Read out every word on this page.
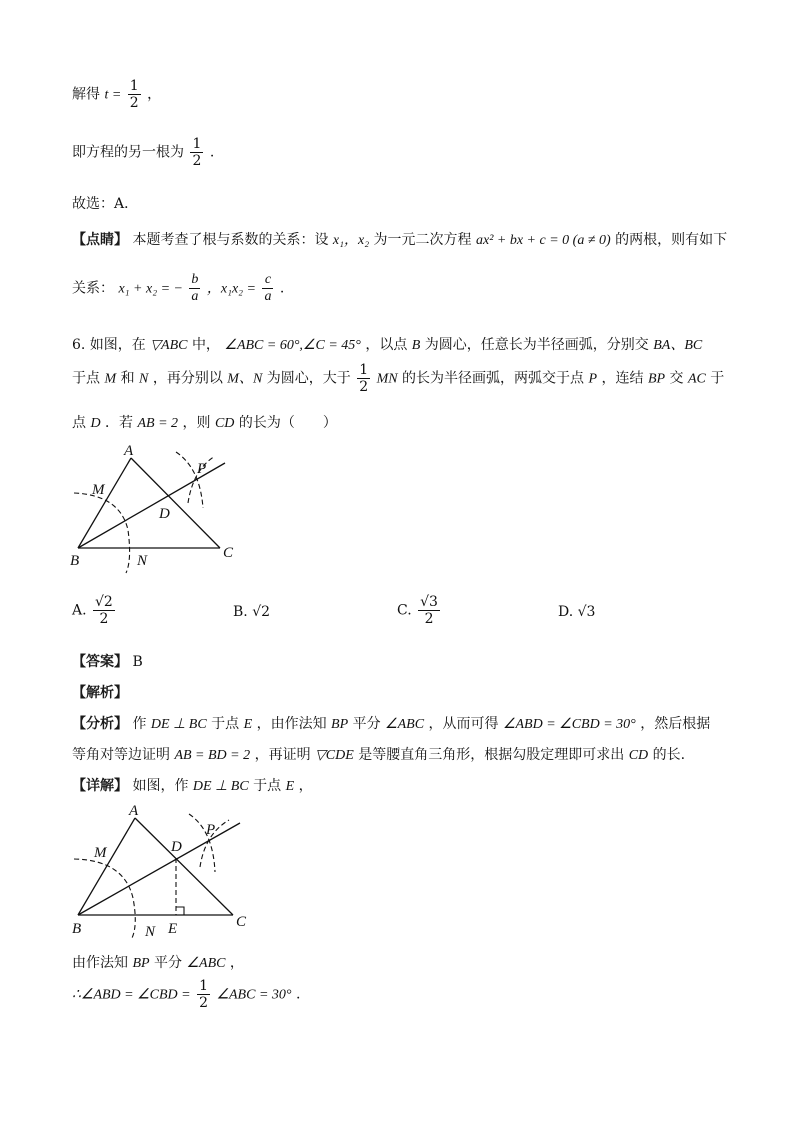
解得 $t = \frac{1}{2}$ ，
即方程的另一根为 $\frac{1}{2}$ .
故选：A．
【点睛】 本题考查了根与系数的关系：设 x₁，x₂ 为一元二次方程 ax² + bx + c = 0 (a ≠ 0) 的两根，则有如下
关系： x₁ + x₂ = − $\frac{b}{a}$ ，$x_1x_2 = \frac{c}{a}$ .
6. 如图，在 ▽ABC 中， ∠ABC = 60°,∠C = 45° ，以点 B 为圆心，任意长为半径画弧，分别交 BA、BC
于点 M 和 N ，再分别以 M、N 为圆心，大于 $\frac{1}{2}$ MN 的长为半径画弧，两弧交于点 P ，连结 BP 交 AC 于
点 D ．若 AB = 2 ，则 CD 的长为（　　）
A
B	C
D
M
N
P
A. $\frac{√2}{2}$	B. √2	C. $\frac{√3}{2}$	D. √3
【答案】 B
【解析】
【分析】 作 DE ⊥ BC 于点 E ，由作法知 BP 平分 ∠ABC ，从而可得 ∠ABD = ∠CBD = 30° ，然后根据
等角对等边证明 AB = BD = 2 ，再证明 ▽CDE 是等腰直角三角形，根据勾股定理即可求出 CD 的长.
【详解】 如图，作 DE ⊥ BC 于点 E ，
A
B	C
D
E
M
N
P
由作法知 BP 平分 ∠ABC ，
∴∠ABD = ∠CBD = $\frac{1}{2}$ ∠ABC = 30° .
